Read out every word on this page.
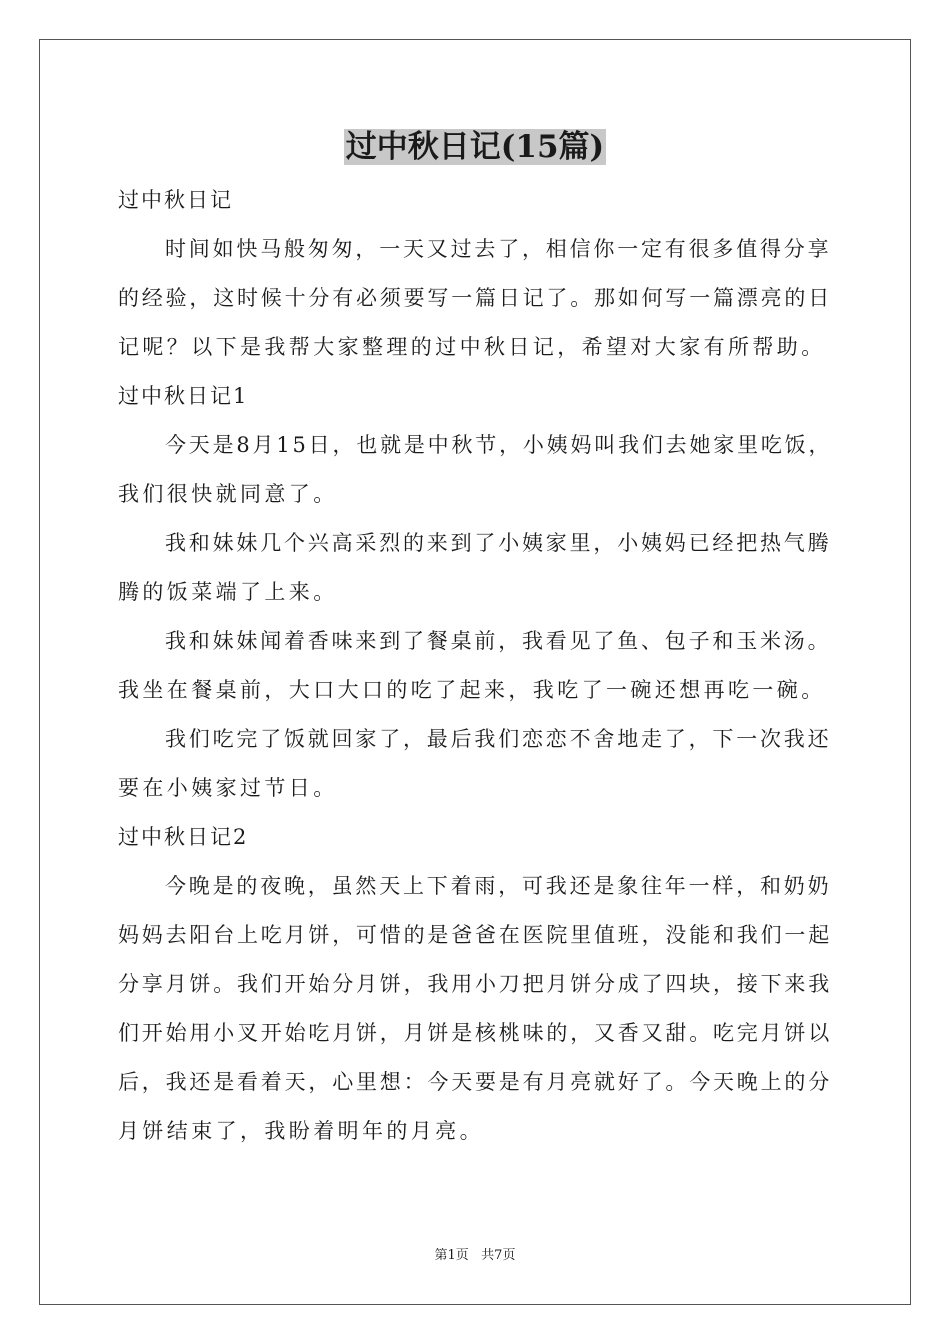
过中秋日记(15篇)
过中秋日记
时间如快马般匆匆，一天又过去了，相信你一定有很多值得分享
的经验，这时候十分有必须要写一篇日记了。那如何写一篇漂亮的日
记呢？以下是我帮大家整理的过中秋日记，希望对大家有所帮助。
过中秋日记1
今天是8月15日，也就是中秋节，小姨妈叫我们去她家里吃饭，
我们很快就同意了。
我和妹妹几个兴高采烈的来到了小姨家里，小姨妈已经把热气腾
腾的饭菜端了上来。
我和妹妹闻着香味来到了餐桌前，我看见了鱼、包子和玉米汤。
我坐在餐桌前，大口大口的吃了起来，我吃了一碗还想再吃一碗。
我们吃完了饭就回家了，最后我们恋恋不舍地走了，下一次我还
要在小姨家过节日。
过中秋日记2
今晚是的夜晚，虽然天上下着雨，可我还是象往年一样，和奶奶
妈妈去阳台上吃月饼，可惜的是爸爸在医院里值班，没能和我们一起
分享月饼。我们开始分月饼，我用小刀把月饼分成了四块，接下来我
们开始用小叉开始吃月饼，月饼是核桃味的，又香又甜。吃完月饼以
后，我还是看着天，心里想：今天要是有月亮就好了。今天晚上的分
月饼结束了，我盼着明年的月亮。
第1页   共7页
